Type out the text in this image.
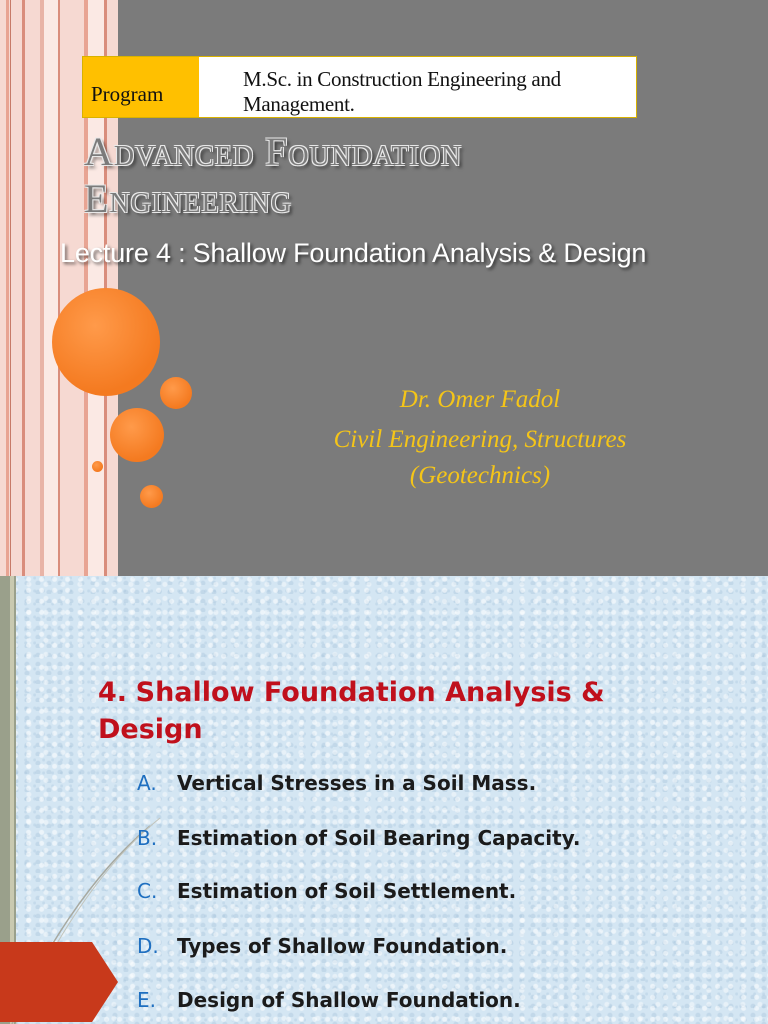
Program
M.Sc. in Construction Engineering and Management.
Advanced Foundation
Engineering
Lecture 4 : Shallow Foundation Analysis & Design
Dr. Omer Fadol
Civil Engineering, Structures
(Geotechnics)
4. Shallow Foundation Analysis & Design
A. Vertical Stresses in a Soil Mass.
B. Estimation of Soil Bearing Capacity.
C. Estimation of Soil Settlement.
D. Types of Shallow Foundation.
E. Design of Shallow Foundation.
